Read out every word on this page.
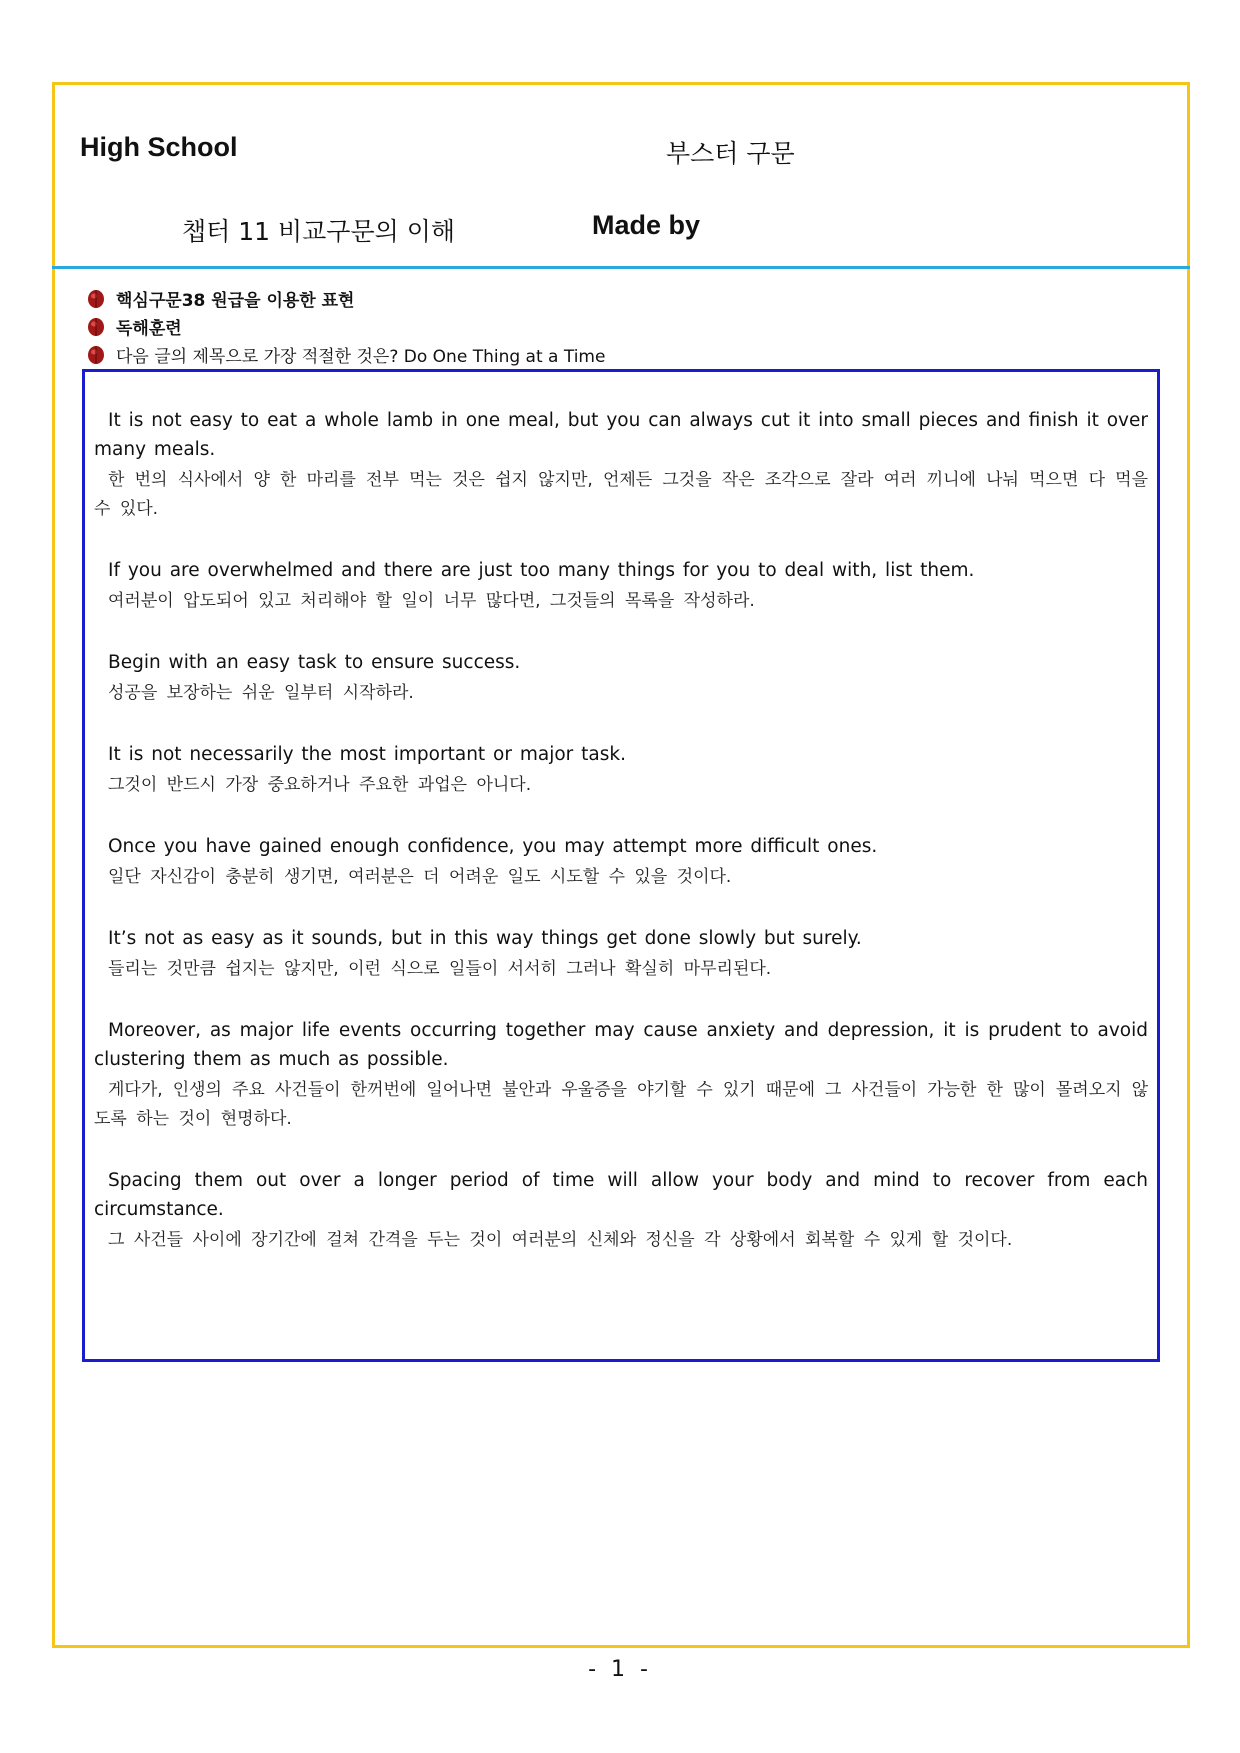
High School	부스터 구문
챕터 11 비교구문의 이해	Made by
핵심구문38 원급을 이용한 표현
독해훈련
다음 글의 제목으로 가장 적절한 것은? Do One Thing at a Time

It is not easy to eat a whole lamb in one meal, but you can always cut it into small pieces and finish it over many meals.

한 번의 식사에서 양 한 마리를 전부 먹는 것은 쉽지 않지만, 언제든 그것을 작은 조각으로 잘라 여러 끼니에 나눠 먹으면 다 먹을 수 있다.

If you are overwhelmed and there are just too many things for you to deal with, list them.

여러분이 압도되어 있고 처리해야 할 일이 너무 많다면, 그것들의 목록을 작성하라.

Begin with an easy task to ensure success.

성공을 보장하는 쉬운 일부터 시작하라.

It is not necessarily the most important or major task.

그것이 반드시 가장 중요하거나 주요한 과업은 아니다.

Once you have gained enough confidence, you may attempt more difficult ones.

일단 자신감이 충분히 생기면, 여러분은 더 어려운 일도 시도할 수 있을 것이다.

It’s not as easy as it sounds, but in this way things get done slowly but surely.

들리는 것만큼 쉽지는 않지만, 이런 식으로 일들이 서서히 그러나 확실히 마무리된다.

Moreover, as major life events occurring together may cause anxiety and depression, it is prudent to avoid clustering them as much as possible.

게다가, 인생의 주요 사건들이 한꺼번에 일어나면 불안과 우울증을 야기할 수 있기 때문에 그 사건들이 가능한 한 많이 몰려오지 않도록 하는 것이 현명하다.

Spacing them out over a longer period of time will allow your body and mind to recover from each circumstance.

그 사건들 사이에 장기간에 걸쳐 간격을 두는 것이 여러분의 신체와 정신을 각 상황에서 회복할 수 있게 할 것이다.

- 1 -
